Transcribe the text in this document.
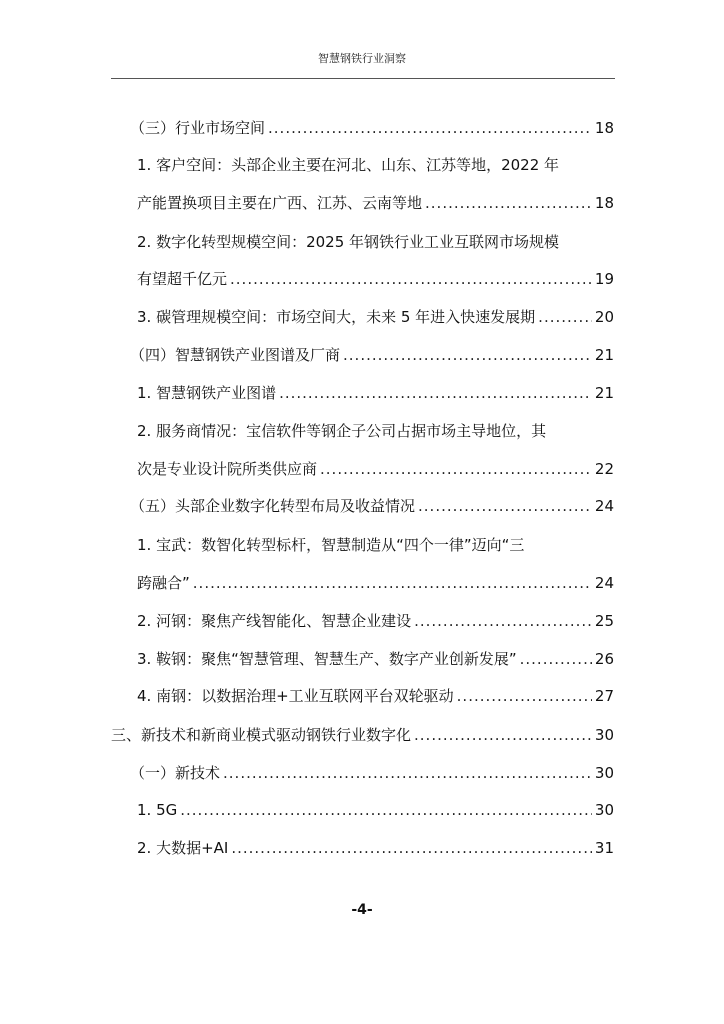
智慧钢铁行业洞察
（三）行业市场空间 .....	18
1. 客户空间：头部企业主要在河北、山东、江苏等地，2022 年
产能置换项目主要在广西、江苏、云南等地 .....	18
2. 数字化转型规模空间：2025 年钢铁行业工业互联网市场规模
有望超千亿元 .....	19
3. 碳管理规模空间：市场空间大，未来 5 年进入快速发展期 .....	20
（四）智慧钢铁产业图谱及厂商 .....	21
1. 智慧钢铁产业图谱 .....	21
2. 服务商情况：宝信软件等钢企子公司占据市场主导地位，其
次是专业设计院所类供应商 .....	22
（五）头部企业数字化转型布局及收益情况 .....	24
1. 宝武：数智化转型标杆，智慧制造从“四个一律”迈向“三
跨融合” .....	24
2. 河钢：聚焦产线智能化、智慧企业建设 .....	25
3. 鞍钢：聚焦“智慧管理、智慧生产、数字产业创新发展” .....	26
4. 南钢：以数据治理+工业互联网平台双轮驱动 .....	27
三、新技术和新商业模式驱动钢铁行业数字化 .....	30
（一）新技术 .....	30
1. 5G .....	30
2. 大数据+AI .....	31
-4-
